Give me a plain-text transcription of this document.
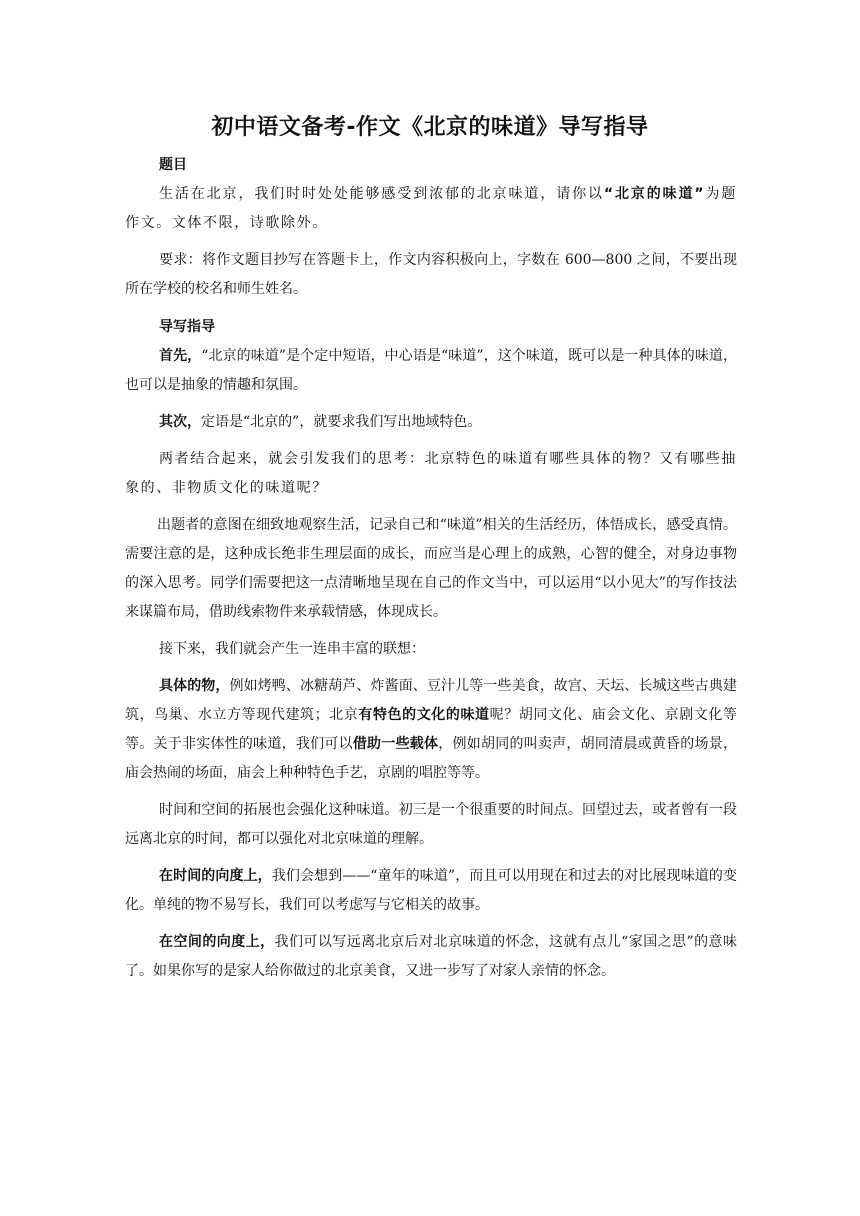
初中语文备考-作文《北京的味道》导写指导
题目

生活在北京，我们时时处处能够感受到浓郁的北京味道，请你以“北京的味道”为题作文。文体不限，诗歌除外。

要求：将作文题目抄写在答题卡上，作文内容积极向上，字数在 600—800 之间，不要出现所在学校的校名和师生姓名。

导写指导

首先，“北京的味道”是个定中短语，中心语是“味道”，这个味道，既可以是一种具体的味道，也可以是抽象的情趣和氛围。

其次，定语是“北京的”，就要求我们写出地域特色。

两者结合起来，就会引发我们的思考：北京特色的味道有哪些具体的物？又有哪些抽象的、非物质文化的味道呢？

出题者的意图在细致地观察生活，记录自己和“味道”相关的生活经历，体悟成长，感受真情。需要注意的是，这种成长绝非生理层面的成长，而应当是心理上的成熟，心智的健全，对身边事物的深入思考。同学们需要把这一点清晰地呈现在自己的作文当中，可以运用“以小见大”的写作技法来谋篇布局，借助线索物件来承载情感，体现成长。

接下来，我们就会产生一连串丰富的联想：

具体的物，例如烤鸭、冰糖葫芦、炸酱面、豆汁儿等一些美食，故宫、天坛、长城这些古典建筑，鸟巢、水立方等现代建筑；北京有特色的文化的味道呢？胡同文化、庙会文化、京剧文化等等。关于非实体性的味道，我们可以借助一些载体，例如胡同的叫卖声，胡同清晨或黄昏的场景，庙会热闹的场面，庙会上种种特色手艺，京剧的唱腔等等。

时间和空间的拓展也会强化这种味道。初三是一个很重要的时间点。回望过去，或者曾有一段远离北京的时间，都可以强化对北京味道的理解。

在时间的向度上，我们会想到——“童年的味道”，而且可以用现在和过去的对比展现味道的变化。单纯的物不易写长，我们可以考虑写与它相关的故事。

在空间的向度上，我们可以写远离北京后对北京味道的怀念，这就有点儿“家国之思”的意味了。如果你写的是家人给你做过的北京美食，又进一步写了对家人亲情的怀念。
